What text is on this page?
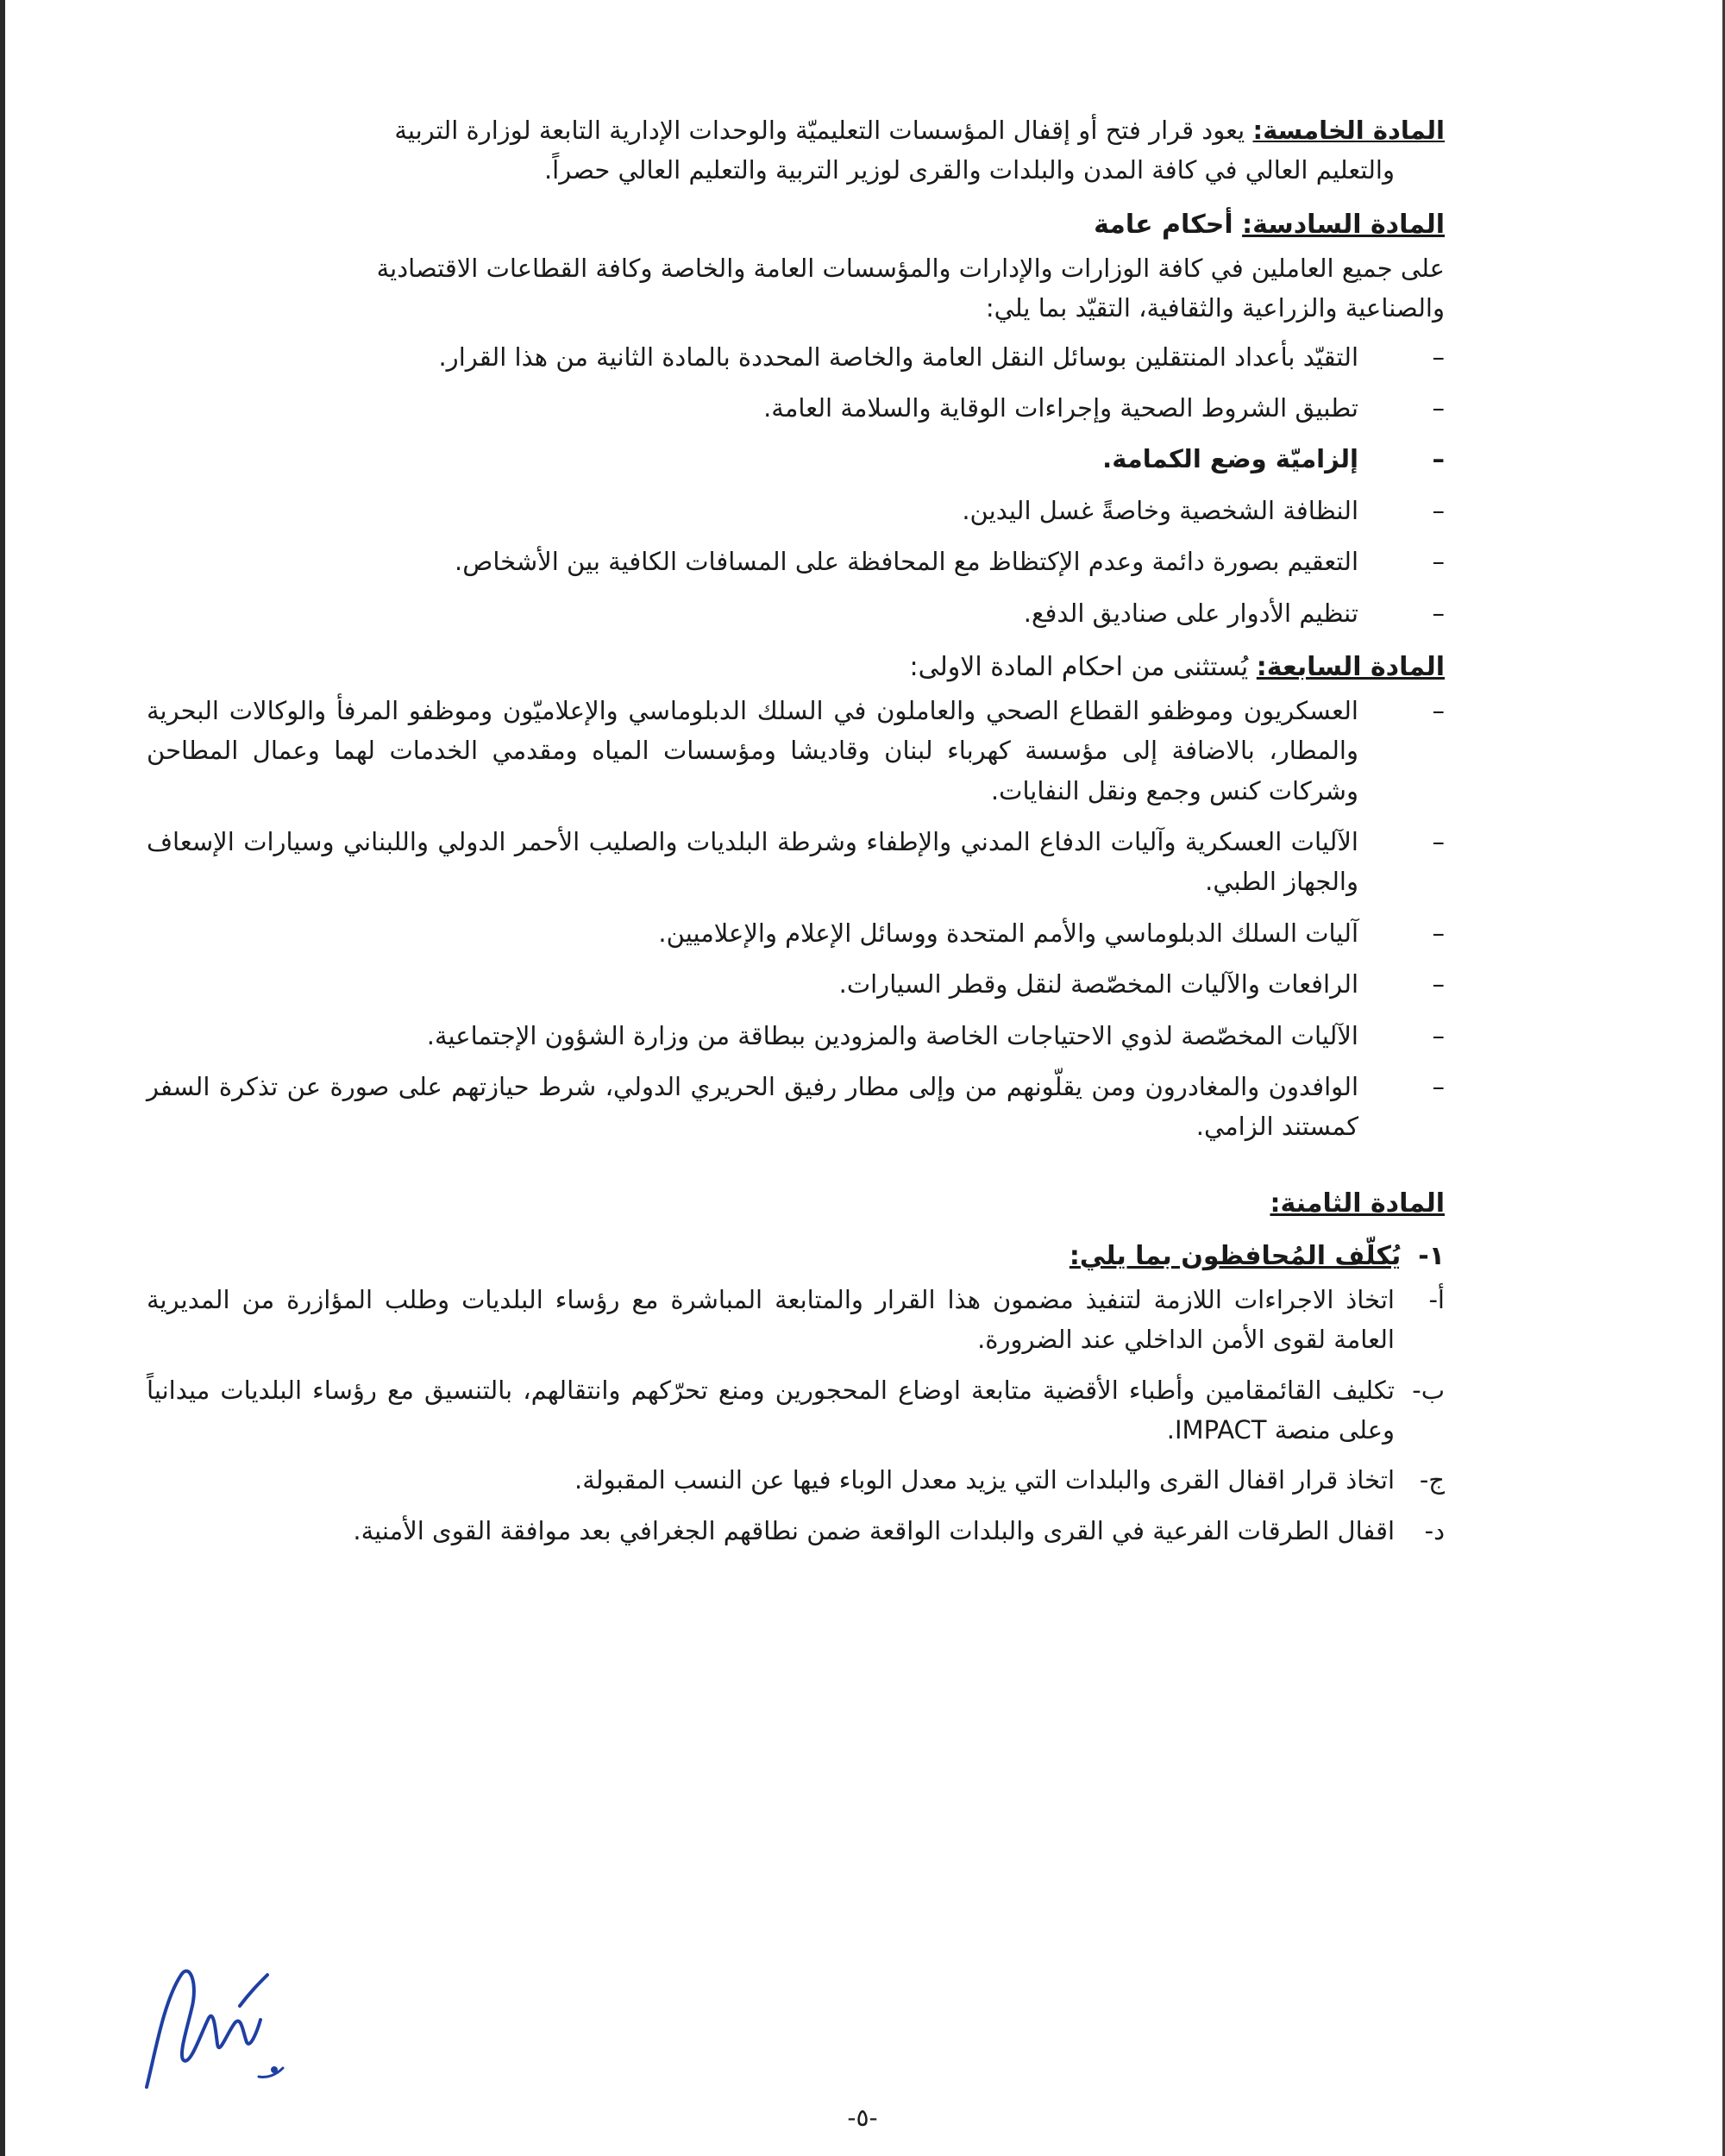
المادة الخامسة: يعود قرار فتح أو إقفال المؤسسات التعليميّة والوحدات الإدارية التابعة لوزارة التربية

والتعليم العالي في كافة المدن والبلدات والقرى لوزير التربية والتعليم العالي حصراً.

المادة السادسة: أحكام عامة

على جميع العاملين في كافة الوزارات والإدارات والمؤسسات العامة والخاصة وكافة القطاعات الاقتصادية

والصناعية والزراعية والثقافية، التقيّد بما يلي:

–
التقيّد بأعداد المنتقلين بوسائل النقل العامة والخاصة المحددة بالمادة الثانية من هذا القرار.
–
تطبيق الشروط الصحية وإجراءات الوقاية والسلامة العامة.
–
إلزاميّة وضع الكمامة.
–
النظافة الشخصية وخاصةً غسل اليدين.
–
التعقيم بصورة دائمة وعدم الإكتظاظ مع المحافظة على المسافات الكافية بين الأشخاص.
–
تنظيم الأدوار على صناديق الدفع.

المادة السابعة: يُستثنى من احكام المادة الاولى:

–
العسكريون وموظفو القطاع الصحي والعاملون في السلك الدبلوماسي والإعلاميّون وموظفو المرفأ والوكالات البحرية والمطار، بالاضافة إلى مؤسسة كهرباء لبنان وقاديشا ومؤسسات المياه ومقدمي الخدمات لهما وعمال المطاحن وشركات كنس وجمع ونقل النفايات.
–
الآليات العسكرية وآليات الدفاع المدني والإطفاء وشرطة البلديات والصليب الأحمر الدولي واللبناني وسيارات الإسعاف والجهاز الطبي.
–
آليات السلك الدبلوماسي والأمم المتحدة ووسائل الإعلام والإعلاميين.
–
الرافعات والآليات المخصّصة لنقل وقطر السيارات.
–
الآليات المخصّصة لذوي الاحتياجات الخاصة والمزودين ببطاقة من وزارة الشؤون الإجتماعية.
–
الوافدون والمغادرون ومن يقلّونهم من وإلى مطار رفيق الحريري الدولي، شرط حيازتهم على صورة عن تذكرة السفر كمستند الزامي.

المادة الثامنة:

١-يُكلّف المُحافظون بما يلي:

أ-
اتخاذ الاجراءات اللازمة لتنفيذ مضمون هذا القرار والمتابعة المباشرة مع رؤساء البلديات وطلب المؤازرة من المديرية العامة لقوى الأمن الداخلي عند الضرورة.
ب-
تكليف القائمقامين وأطباء الأقضية متابعة اوضاع المحجورين ومنع تحرّكهم وانتقالهم، بالتنسيق مع رؤساء البلديات ميدانياً وعلى منصة IMPACT.
ج-
اتخاذ قرار اقفال القرى والبلدات التي يزيد معدل الوباء فيها عن النسب المقبولة.
د-
اقفال الطرقات الفرعية في القرى والبلدات الواقعة ضمن نطاقهم الجغرافي بعد موافقة القوى الأمنية.
-٥-
